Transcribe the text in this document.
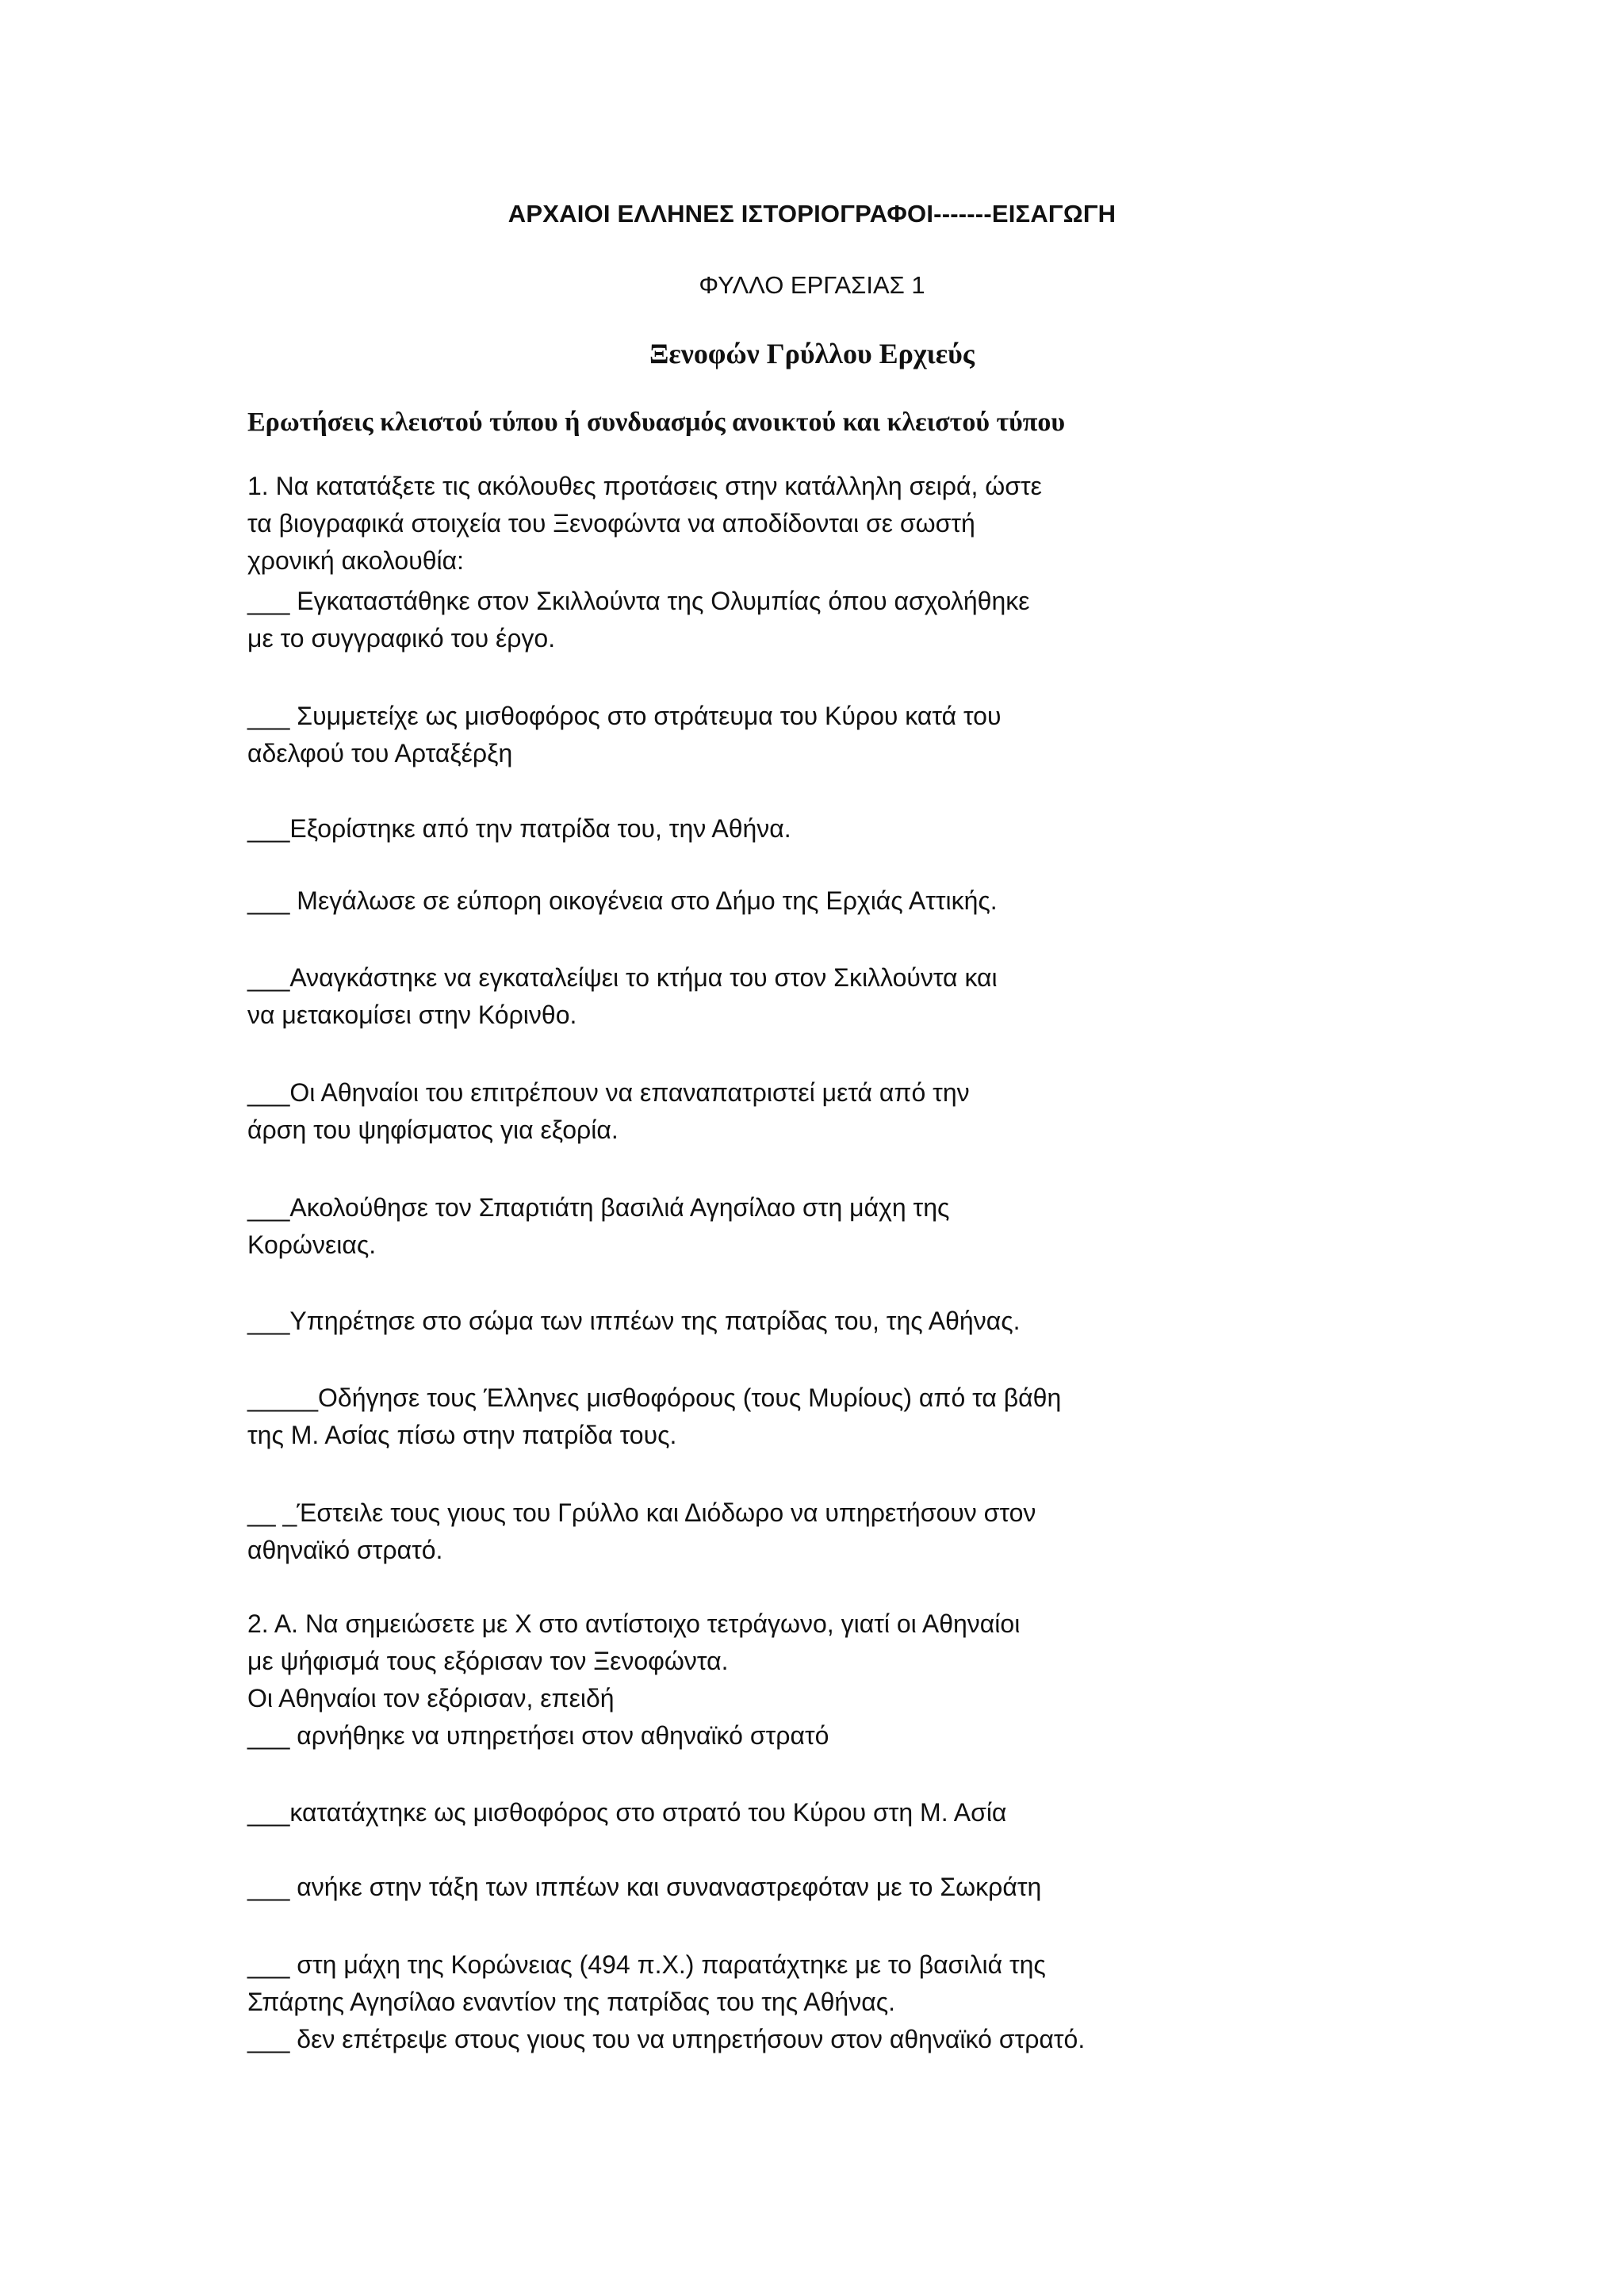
ΑΡΧΑΙΟΙ ΕΛΛΗΝΕΣ ΙΣΤΟΡΙΟΓΡΑΦΟΙ-------ΕΙΣΑΓΩΓΗ
ΦΥΛΛΟ ΕΡΓΑΣΙΑΣ 1
Ξενοφών Γρύλλου Ερχιεύς
Ερωτήσεις κλειστού τύπου ή συνδυασμός ανοικτού και κλειστού τύπου
1. Να κατατάξετε τις ακόλουθες προτάσεις στην κατάλληλη σειρά, ώστε
τα βιογραφικά στοιχεία του Ξενοφώντα να αποδίδονται σε σωστή
χρονική ακολουθία:
___ Εγκαταστάθηκε στον Σκιλλούντα της Ολυμπίας όπου ασχολήθηκε
με το συγγραφικό του έργο.
___ Συμμετείχε ως μισθοφόρος στο στράτευμα του Κύρου κατά του
αδελφού του Αρταξέρξη
___Εξορίστηκε από την πατρίδα του, την Αθήνα.
___ Μεγάλωσε σε εύπορη οικογένεια στο Δήμο της Ερχιάς Αττικής.
___Αναγκάστηκε να εγκαταλείψει το κτήμα του στον Σκιλλούντα και
να μετακομίσει στην Κόρινθο.
___Οι Αθηναίοι του επιτρέπουν να επαναπατριστεί μετά από την
άρση του ψηφίσματος για εξορία.
___Ακολούθησε τον Σπαρτιάτη βασιλιά Αγησίλαο στη μάχη της
Κορώνειας.
___Υπηρέτησε στο σώμα των ιππέων της πατρίδας του, της Αθήνας.
_____Οδήγησε τους Έλληνες μισθοφόρους (τους Μυρίους) από τα βάθη
της Μ. Ασίας πίσω στην πατρίδα τους.
__ _Έστειλε τους γιους του Γρύλλο και Διόδωρο να υπηρετήσουν στον
αθηναϊκό στρατό.
2. Α. Να σημειώσετε με Χ στο αντίστοιχο τετράγωνο, γιατί οι Αθηναίοι
με ψήφισμά τους εξόρισαν τον Ξενοφώντα.
Οι Αθηναίοι τον εξόρισαν, επειδή
___ αρνήθηκε να υπηρετήσει στον αθηναϊκό στρατό
___κατατάχτηκε ως μισθοφόρος στο στρατό του Κύρου στη Μ. Ασία
___ ανήκε στην τάξη των ιππέων και συναναστρεφόταν με το Σωκράτη
___ στη μάχη της Κορώνειας (494 π.Χ.) παρατάχτηκε με το βασιλιά της
Σπάρτης Αγησίλαο εναντίον της πατρίδας του της Αθήνας.
___ δεν επέτρεψε στους γιους του να υπηρετήσουν στον αθηναϊκό στρατό.
